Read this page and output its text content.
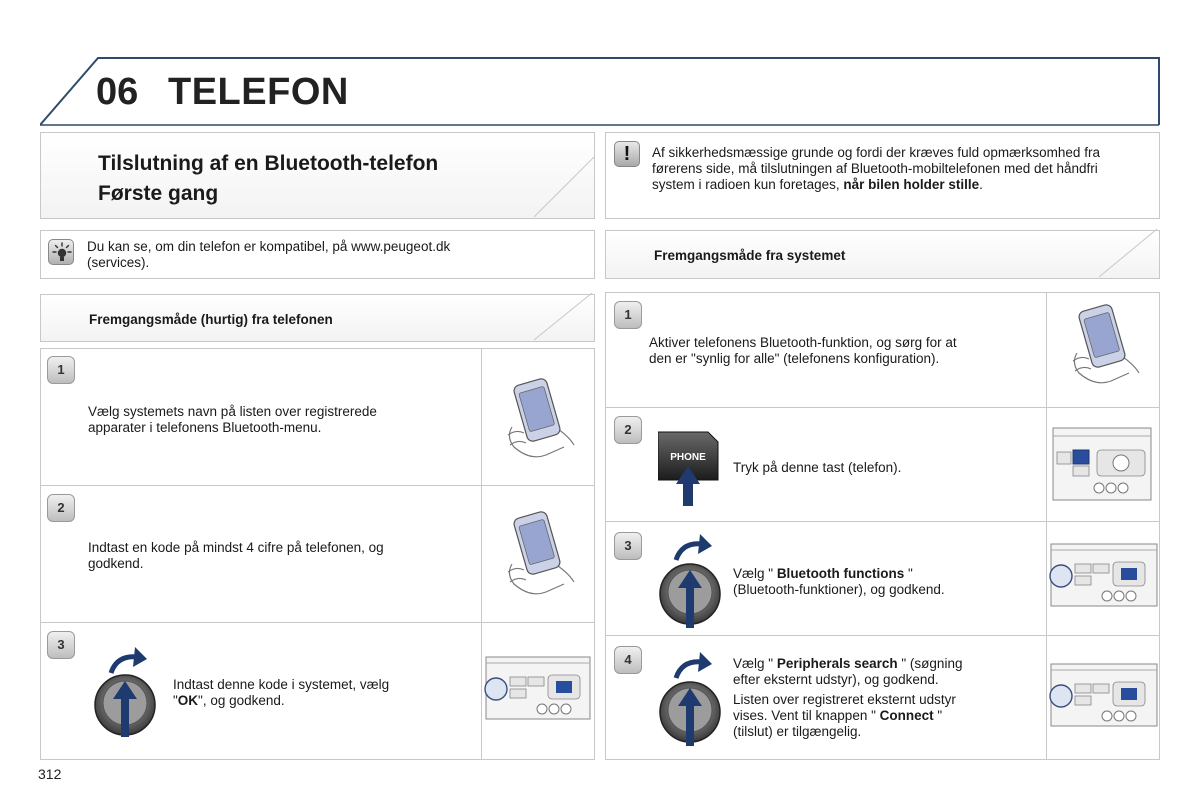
06 TELEFON
Tilslutning af en Bluetooth-telefon
Første gang
!	Af sikkerhedsmæssige grunde og fordi der kræves fuld opmærksomhed fra førerens side, må tilslutningen af Bluetooth-mobiltelefonen med det håndfri system i radioen kun foretages, når bilen holder stille.
Du kan se, om din telefon er kompatibel, på www.peugeot.dk
(services).	Fremgangsmåde fra systemet
Fremgangsmåde (hurtig) fra telefonen
1
Vælg systemets navn på listen over registrerede
apparater i telefonens Bluetooth-menu.
2
Indtast en kode på mindst 4 cifre på telefonen, og
godkend.
3
Indtast denne kode i systemet, vælg
"OK", og godkend.
1
Aktiver telefonens Bluetooth-funktion, og sørg for at
den er "synlig for alle" (telefonens konfiguration).
2
PHONE
Tryk på denne tast (telefon).
3
Vælg " Bluetooth functions "
(Bluetooth-funktioner), og godkend.
4	Vælg " Peripherals search " (søgning
efter eksternt udstyr), og godkend.
Listen over registreret eksternt udstyr
vises. Vent til knappen " Connect "
(tilslut) er tilgængelig.
312
